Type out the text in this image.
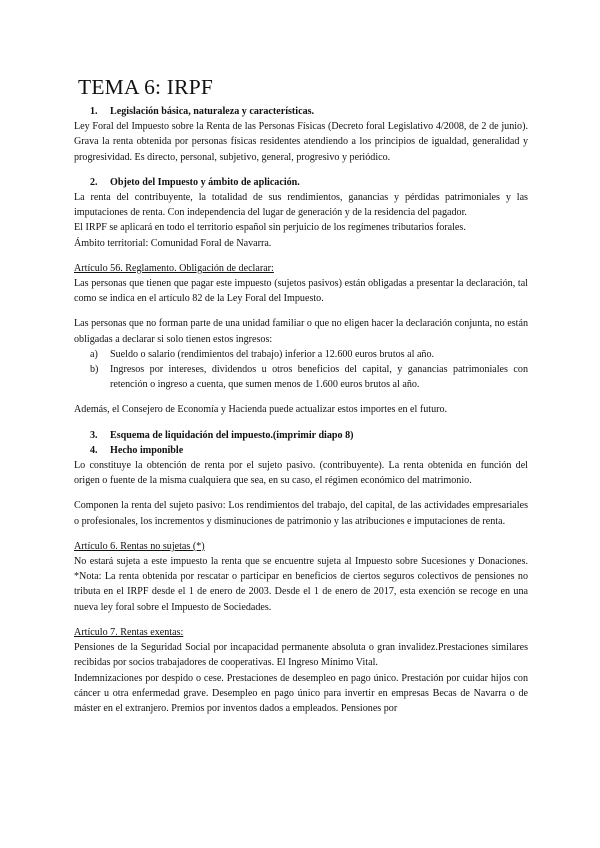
TEMA 6: IRPF
1.	Legislación básica, naturaleza y características.

Ley Foral del Impuesto sobre la Renta de las Personas Físicas (Decreto foral Legislativo 4/2008, de 2 de junio). Grava la renta obtenida por personas físicas residentes atendiendo a los principios de igualdad, generalidad y progresividad. Es directo, personal, subjetivo, general, progresivo y periódico.

2.	Objeto del Impuesto y ámbito de aplicación.

La renta del contribuyente, la totalidad de sus rendimientos, ganancias y pérdidas patrimoniales y las imputaciones de renta. Con independencia del lugar de generación y de la residencia del pagador.

El IRPF se aplicará en todo el territorio español sin perjuicio de los regímenes tributarios forales.

Ámbito territorial: Comunidad Foral de Navarra.

Artículo 56. Reglamento. Obligación de declarar:

Las personas que tienen que pagar este impuesto (sujetos pasivos) están obligadas a presentar la declaración, tal como se indica en el artículo 82 de la Ley Foral del Impuesto.

Las personas que no forman parte de una unidad familiar o que no eligen hacer la declaración conjunta, no están obligadas a declarar si solo tienen estos ingresos:

a)	Sueldo o salario (rendimientos del trabajo) inferior a 12.600 euros brutos al año.
b)	Ingresos por intereses, dividendos u otros beneficios del capital, y ganancias patrimoniales con retención o ingreso a cuenta, que sumen menos de 1.600 euros brutos al año.

Además, el Consejero de Economía y Hacienda puede actualizar estos importes en el futuro.

3.	Esquema de liquidación del impuesto.(imprimir diapo 8)
4.	Hecho imponible

Lo constituye la obtención de renta por el sujeto pasivo. (contribuyente). La renta obtenida en función del origen o fuente de la misma cualquiera que sea, en su caso, el régimen económico del matrimonio.

Componen la renta del sujeto pasivo: Los rendimientos del trabajo, del capital, de las actividades empresariales o profesionales, los incrementos y disminuciones de patrimonio y las atribuciones e imputaciones de renta.

Artículo 6. Rentas no sujetas (*)

No estará sujeta a este impuesto la renta que se encuentre sujeta al Impuesto sobre Sucesiones y Donaciones. *Nota: La renta obtenida por rescatar o participar en beneficios de ciertos seguros colectivos de pensiones no tributa en el IRPF desde el 1 de enero de 2003. Desde el 1 de enero de 2017, esta exención se recoge en una nueva ley foral sobre el Impuesto de Sociedades.

Artículo 7. Rentas exentas:

Pensiones de la Seguridad Social por incapacidad permanente absoluta o gran invalidez.Prestaciones similares recibidas por socios trabajadores de cooperativas. El Ingreso Mínimo Vital.

Indemnizaciones por despido o cese. Prestaciones de desempleo en pago único. Prestación por cuidar hijos con cáncer u otra enfermedad grave. Desempleo en pago único para invertir en empresas Becas de Navarra o de máster en el extranjero. Premios por inventos dados a empleados. Pensiones por
